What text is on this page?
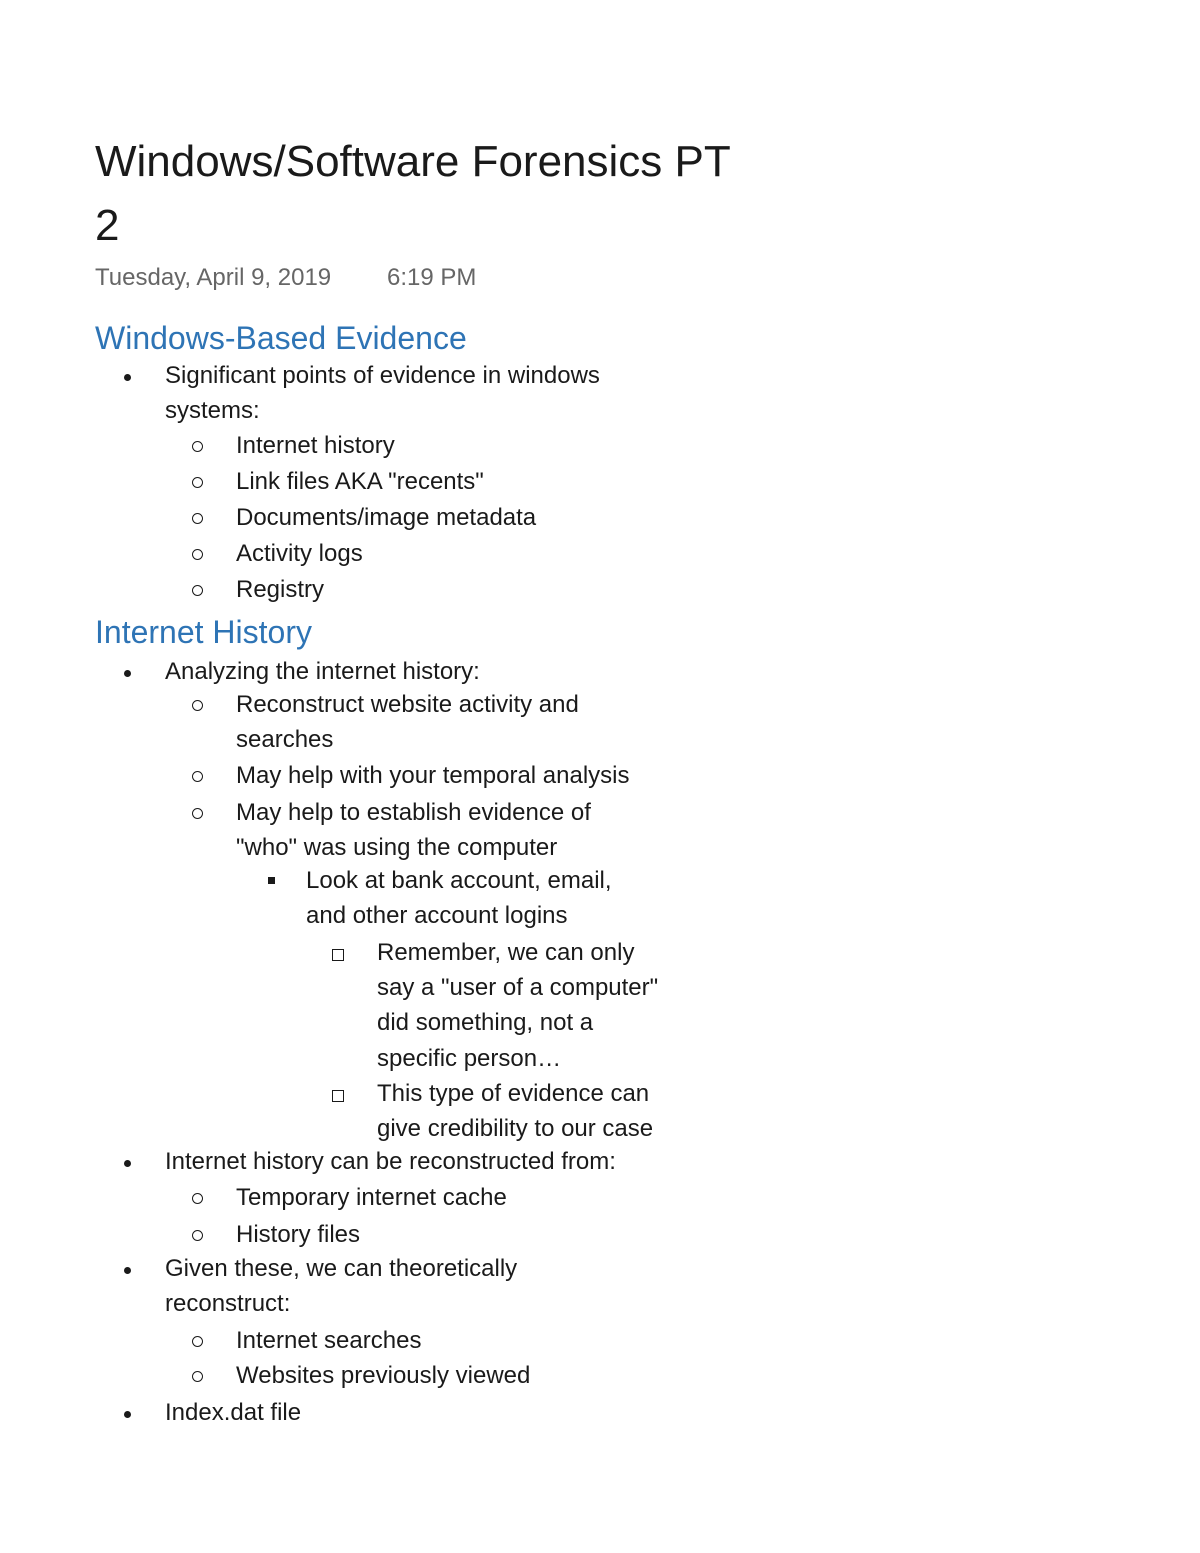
Windows/Software Forensics PT
2
Tuesday, April 9, 2019 6:19 PM
Windows-Based Evidence
Significant points of evidence in windows
systems:
Internet history
Link files AKA "recents"
Documents/image metadata
Activity logs
Registry
Internet History
Analyzing the internet history:
Reconstruct website activity and
searches
May help with your temporal analysis
May help to establish evidence of
"who" was using the computer
Look at bank account, email,
and other account logins
Remember, we can only
say a "user of a computer"
did something, not a
specific person…
This type of evidence can
give credibility to our case
Internet history can be reconstructed from:
Temporary internet cache
History files
Given these, we can theoretically
reconstruct:
Internet searches
Websites previously viewed
Index.dat file
